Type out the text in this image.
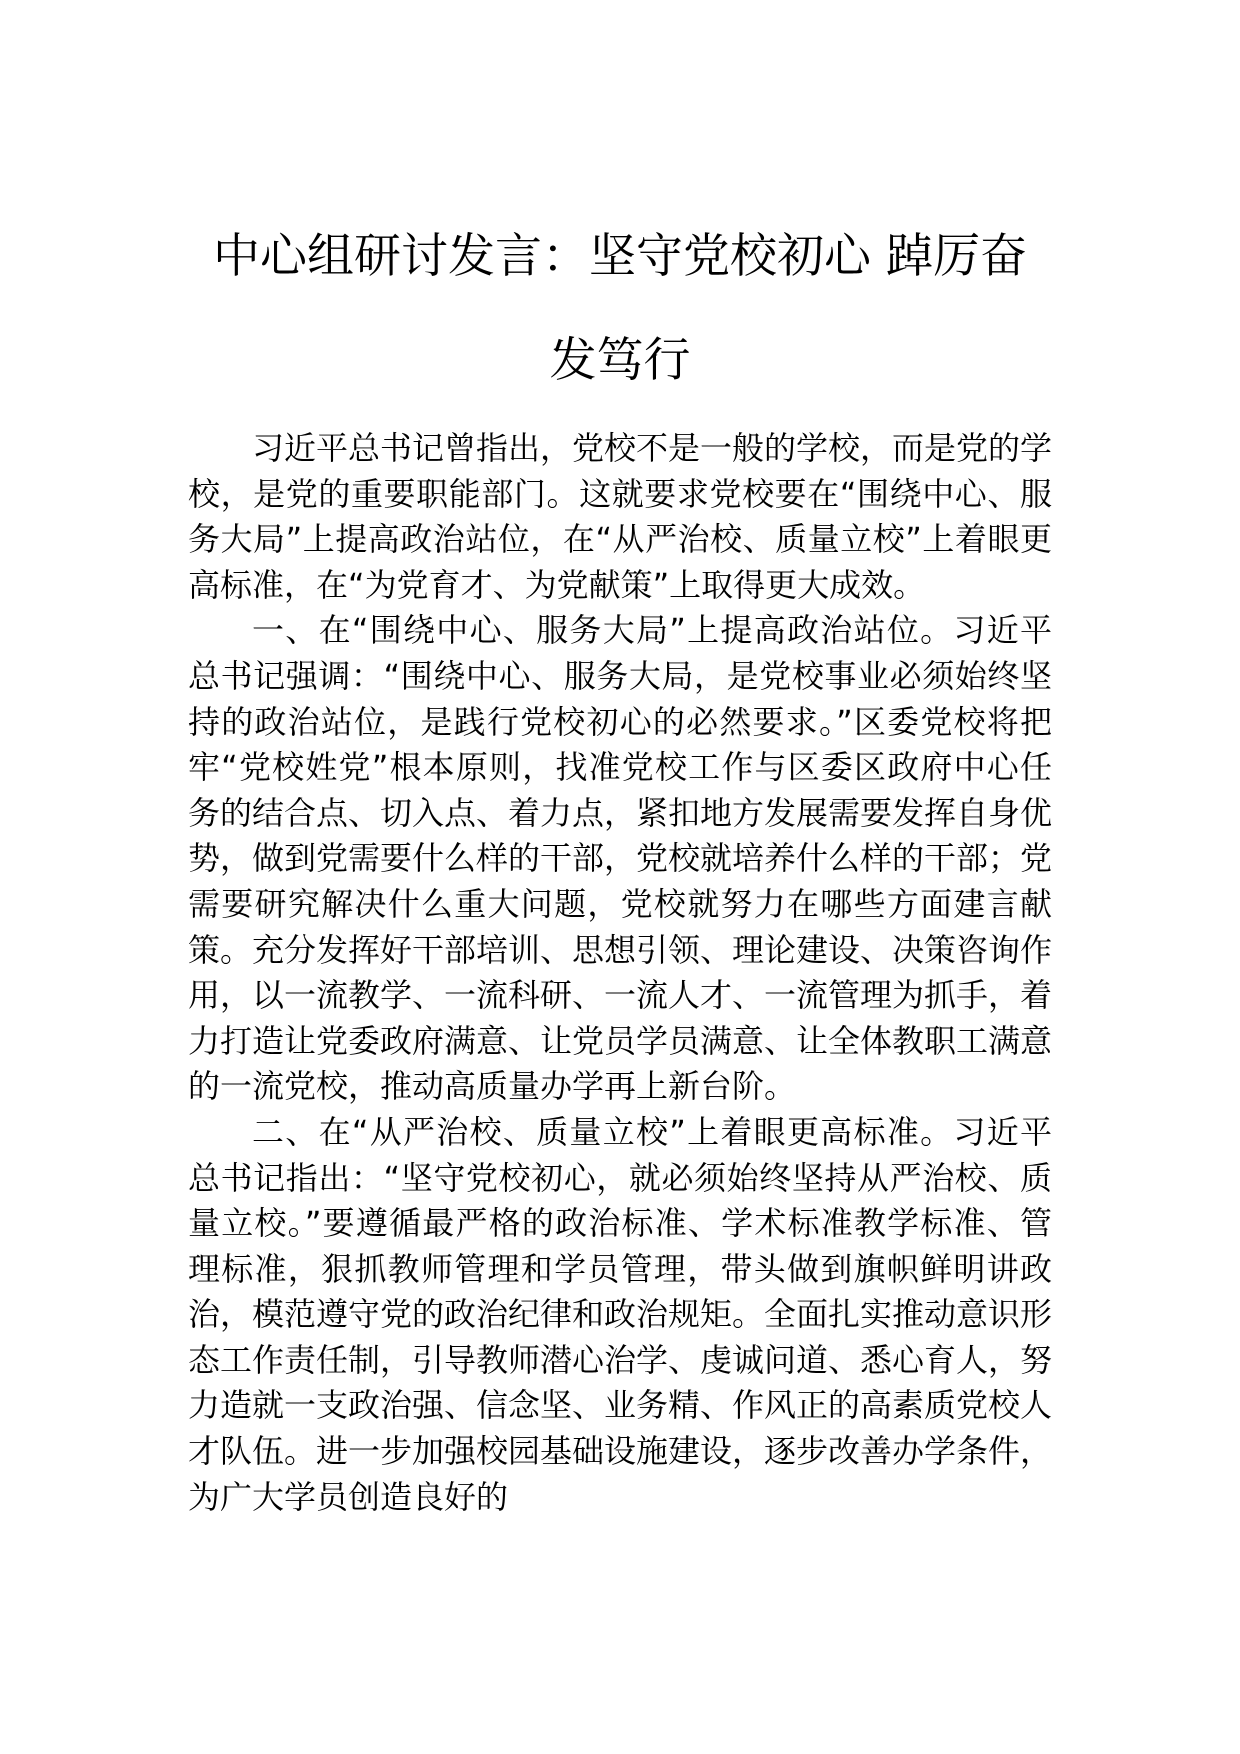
中心组研讨发言：坚守党校初心 踔厉奋发笃行

习近平总书记曾指出，党校不是一般的学校，而是党的学校，是党的重要职能部门。这就要求党校要在“围绕中心、服务大局”上提高政治站位，在“从严治校、质量立校”上着眼更高标准，在“为党育才、为党献策”上取得更大成效。

一、在“围绕中心、服务大局”上提高政治站位。习近平总书记强调：“围绕中心、服务大局，是党校事业必须始终坚持的政治站位，是践行党校初心的必然要求。”区委党校将把牢“党校姓党”根本原则，找准党校工作与区委区政府中心任务的结合点、切入点、着力点，紧扣地方发展需要发挥自身优势，做到党需要什么样的干部，党校就培养什么样的干部；党需要研究解决什么重大问题，党校就努力在哪些方面建言献策。充分发挥好干部培训、思想引领、理论建设、决策咨询作用，以一流教学、一流科研、一流人才、一流管理为抓手，着力打造让党委政府满意、让党员学员满意、让全体教职工满意的一流党校，推动高质量办学再上新台阶。

二、在“从严治校、质量立校”上着眼更高标准。习近平总书记指出：“坚守党校初心，就必须始终坚持从严治校、质量立校。”要遵循最严格的政治标准、学术标准教学标准、管理标准，狠抓教师管理和学员管理，带头做到旗帜鲜明讲政治，模范遵守党的政治纪律和政治规矩。全面扎实推动意识形态工作责任制，引导教师潜心治学、虔诚问道、悉心育人，努力造就一支政治强、信念坚、业务精、作风正的高素质党校人才队伍。进一步加强校园基础设施建设，逐步改善办学条件，为广大学员创造良好的
